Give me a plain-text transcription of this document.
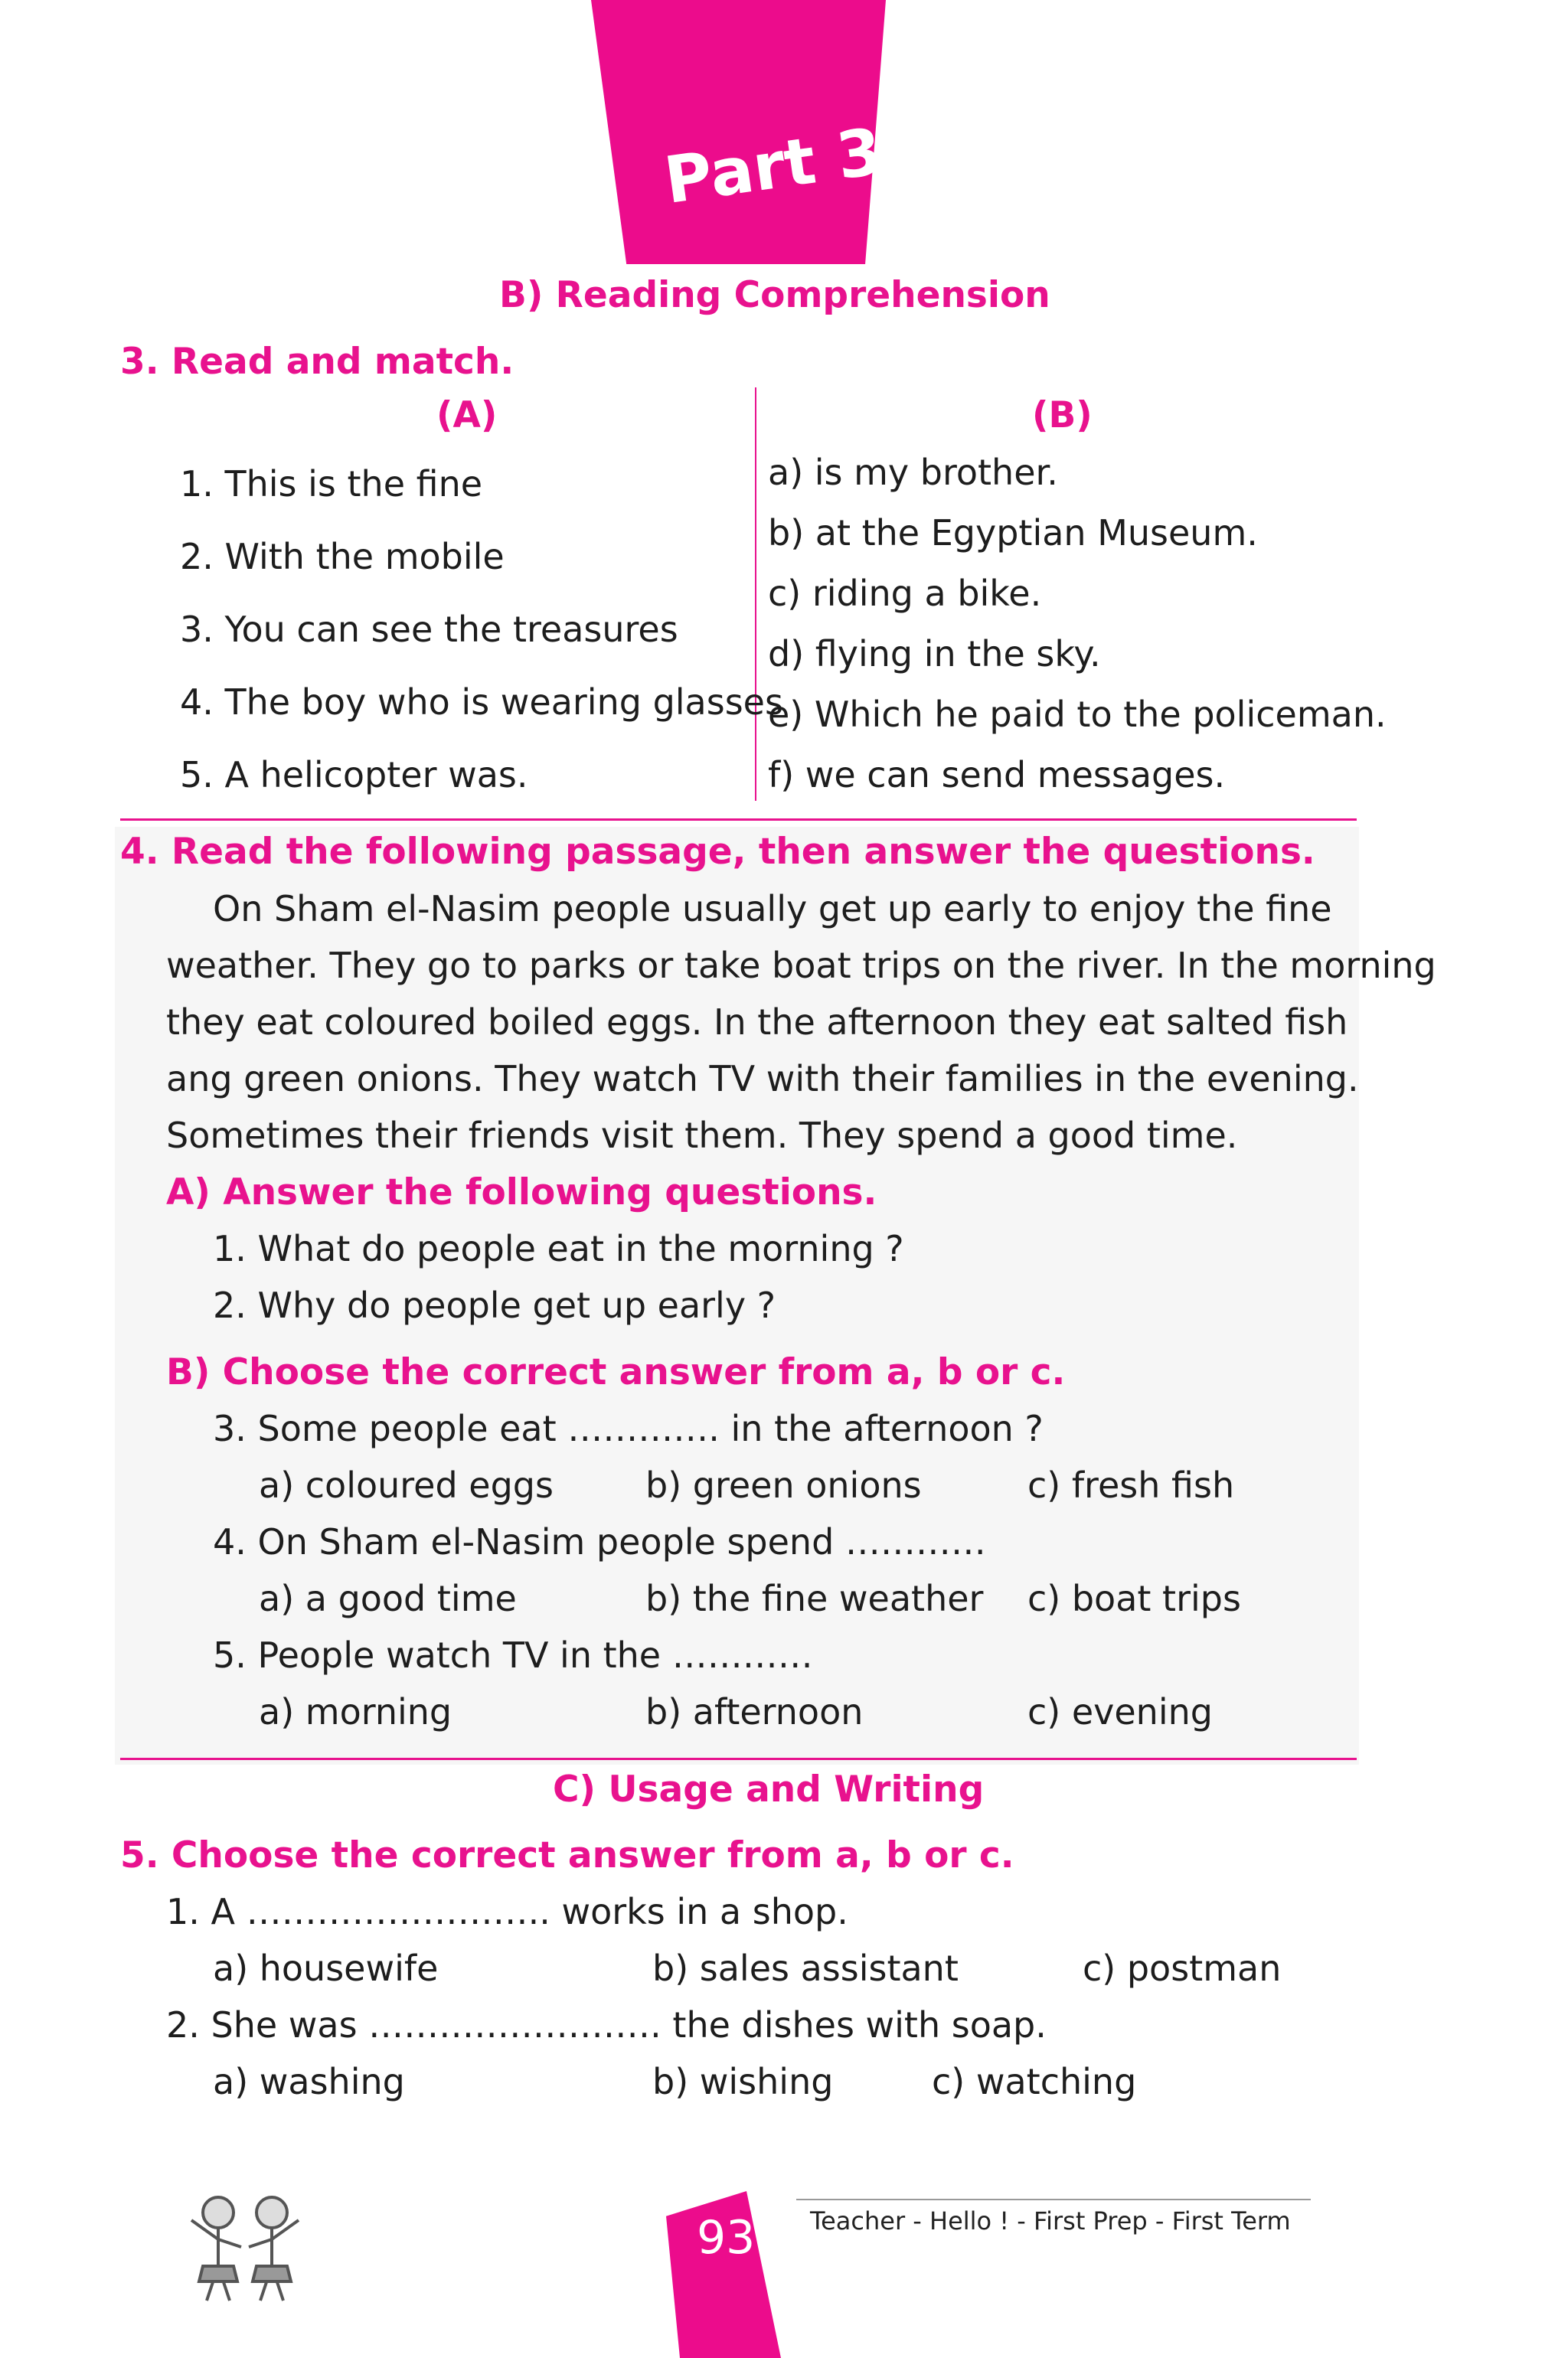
Part 3
B) Reading Comprehension
3. Read and match.
(A)	(B)
1. This is the fine
2. With the mobile
3. You can see the treasures
4. The boy who is wearing glasses
5. A helicopter was.
a) is my brother.
b) at the Egyptian Museum.
c) riding a bike.
d) flying in the sky.
e) Which he paid to the policeman.
f) we can send messages.
4. Read the following passage, then answer the questions.
On Sham el-Nasim people usually get up early to enjoy the fine
weather. They go to parks or take boat trips on the river. In the morning
they eat coloured boiled eggs. In the afternoon they eat salted fish
ang green onions. They watch TV with their families in the evening.
Sometimes their friends visit them. They spend a good time.
A) Answer the following questions.
1. What do people eat in the morning ?
2. Why do people get up early ?
B) Choose the correct answer from a, b or c.
3. Some people eat …………. in the afternoon ?
a) coloured eggs	b) green onions	c) fresh fish
4. On Sham el-Nasim people spend …………
a) a good time	b) the fine weather c) boat trips
5. People watch TV in the …………
a) morning	b) afternoon	c) evening
C) Usage and Writing
5. Choose the correct answer from a, b or c.
1. A …………………….. works in a shop.
a) housewife	b) sales assistant	c) postman
2. She was ……………………. the dishes with soap.
a) washing	b) wishing	c) watching
93 Teacher - Hello ! - First Prep - First Term
